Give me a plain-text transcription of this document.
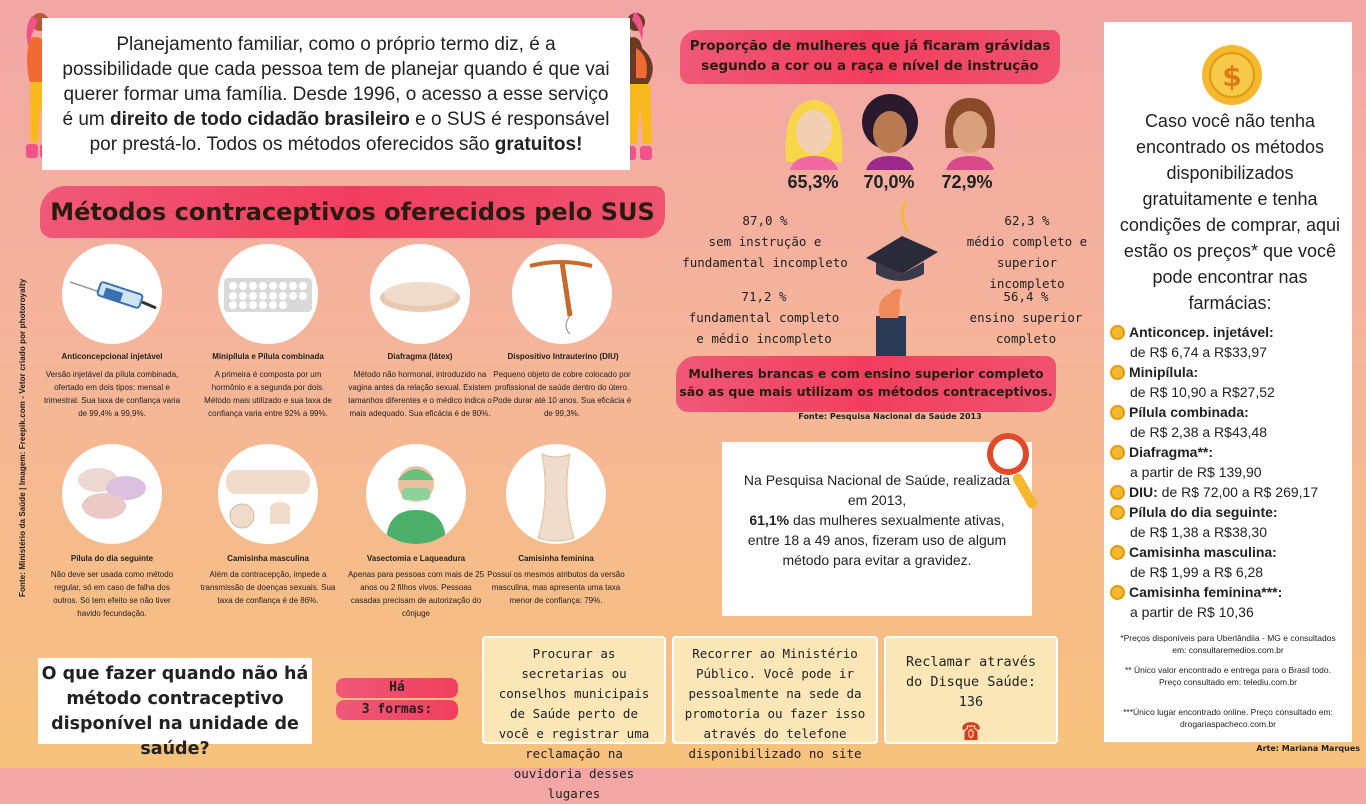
Planejamento familiar, como o próprio termo diz, é a possibilidade que cada pessoa tem de planejar quando é que vai querer formar uma família. Desde 1996, o acesso a esse serviço é um direito de todo cidadão brasileiro e o SUS é responsável por prestá-lo. Todos os métodos oferecidos são gratuitos!
Métodos contraceptivos oferecidos pelo SUS
Fonte: Ministério da Saúde | Imagem: Freepik.com - Vetor criado por photoroyalty	Anticoncepcional injetável
Versão injetável da pílula combinada, ofertado em dois tipos: mensal e trimestral. Sua taxa de confiança varia de 99,4% a 99,9%.
Minipílula e Pílula combinada
A primeira é composta por um hormônio e a segunda por dois. Método mais utilizado e sua taxa de confiança varia entre 92% a 99%.
Diafragma (látex)
Método não hormonal, introduzido na vagina antes da relação sexual. Existem tamanhos diferentes e o médico indica o mais adequado. Sua eficácia é de 80%.
Dispositivo Intrauterino (DIU)
Pequeno objeto de cobre colocado por profissional de saúde dentro do útero. Pode durar até 10 anos. Sua eficácia é de 99,3%.
Pílula do dia seguinte
Não deve ser usada como método regular, só em caso de falha dos outros. Só tem efeito se não tiver havido fecundação.
Camisinha masculina
Além da contracepção, impede a transmissão de doenças sexuais. Sua taxa de confiança é de 86%.
Vasectomia e Laqueadura
Apenas para pessoas com mais de 25 anos ou 2 filhos vivos. Pessoas casadas precisam de autorização do cônjuge
Camisinha feminina
Possui os mesmos atributos da versão masculina, mas apresenta uma taxa menor de confiança: 79%.
Proporção de mulheres que já ficaram grávidas segundo a cor ou a raça e nível de instrução
65,3%	70,0%	72,9%
87,0 %
sem instrução e fundamental incompleto
62,3 %
médio completo e superior incompleto
71,2 %
fundamental completo e médio incompleto
56,4 %
ensino superior completo
Mulheres brancas e com ensino superior completo são as que mais utilizam os métodos contraceptivos.
Fonte: Pesquisa Nacional da Saúde 2013
Na Pesquisa Nacional de Saúde, realizada em 2013,
61,1% das mulheres sexualmente ativas, entre 18 a 49 anos, fizeram uso de algum método para evitar a gravidez.
O que fazer quando não há método contraceptivo disponível na unidade de saúde?
Há
3 formas:
Procurar as secretarias ou conselhos municipais de Saúde perto de você e registrar uma reclamação na ouvidoria desses lugares
Recorrer ao Ministério Público. Você pode ir pessoalmente na sede da promotoria ou fazer isso através do telefone disponibilizado no site
Reclamar através do Disque Saúde: 136
☎
$
Caso você não tenha encontrado os métodos disponibilizados gratuitamente e tenha condições de comprar, aqui estão os preços* que você pode encontrar nas farmácias:
Anticoncep. injetável:
de R$ 6,74 a R$33,97
Minipílula:
de R$ 10,90 a R$27,52
Pílula combinada:
de R$ 2,38 a R$43,48
Diafragma**:
a partir de R$ 139,90
DIU: de R$ 72,00 a R$ 269,17
Pílula do dia seguinte:
de R$ 1,38 a R$38,30
Camisinha masculina:
de R$ 1,99 a R$ 6,28
Camisinha feminina***:
a partir de R$ 10,36
*Preços disponíveis para Uberlândiia - MG e consultados em: consultaremedios.com.br
** Único valor encontrado e entrega para o Brasil todo. Preço consultado em: telediu.com.br
***Único lugar encontrado online. Preço consultado em: drogariaspacheco.com.br
Arte: Mariana Marques
